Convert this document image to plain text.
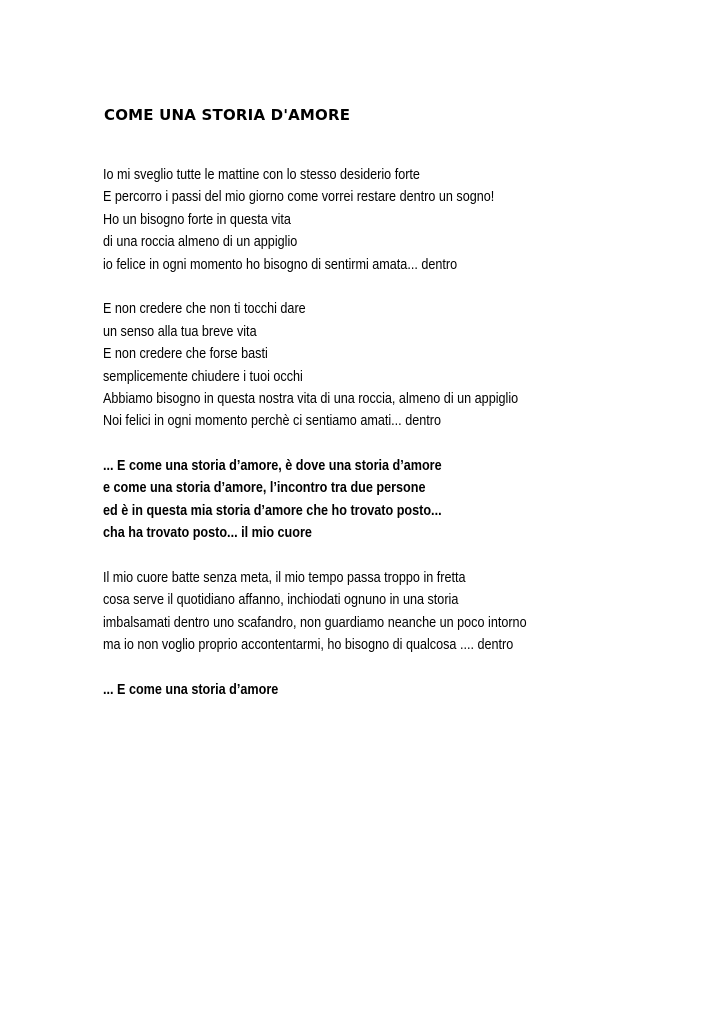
COME UNA STORIA D'AMORE
Io mi sveglio tutte le mattine con lo stesso desiderio forte
E percorro i passi del mio giorno come vorrei restare dentro un sogno!
Ho un bisogno forte in questa vita
di una roccia almeno di un appiglio
io felice in ogni momento ho bisogno di sentirmi amata... dentro
E non credere che non ti tocchi dare
un senso alla tua breve vita
E non credere che forse basti
semplicemente chiudere i tuoi occhi
Abbiamo bisogno in questa nostra vita di una roccia, almeno di un appiglio
Noi felici in ogni momento perchè ci sentiamo amati... dentro
... E come una storia d’amore, è dove una storia d’amore
e come una storia d’amore, l’incontro tra due persone
ed è in questa mia storia d’amore che ho trovato posto...
cha ha trovato posto... il mio cuore
Il mio cuore batte senza meta, il mio tempo passa troppo in fretta
cosa serve il quotidiano affanno, inchiodati ognuno in una storia
imbalsamati dentro uno scafandro, non guardiamo neanche un poco intorno
ma io non voglio proprio accontentarmi, ho bisogno di qualcosa .... dentro
... E come una storia d’amore
